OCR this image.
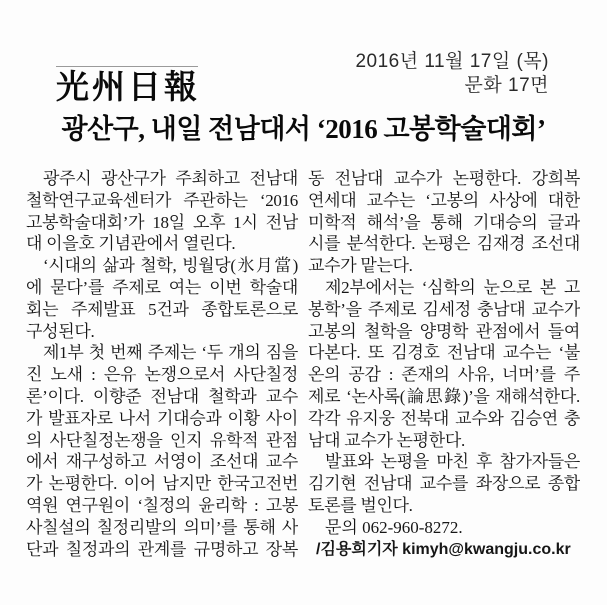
光州日報
2016년 11월 17일 (목)
문화 17면
광산구, 내일 전남대서 ‘2016 고봉학술대회’
광주시 광산구가 주최하고 전남대
철학연구교육센터가 주관하는 ‘2016
고봉학술대회’가 18일 오후 1시 전남
대 이을호 기념관에서 열린다.
‘시대의 삶과 철학, 빙월당(氷月當)
에 묻다’를 주제로 여는 이번 학술대
회는 주제발표 5건과 종합토론으로
구성된다.
제1부 첫 번째 주제는 ‘두 개의 짐을
진 노새 : 은유 논쟁으로서 사단칠정
론’이다. 이향준 전남대 철학과 교수
가 발표자로 나서 기대승과 이황 사이
의 사단칠정논쟁을 인지 유학적 관점
에서 재구성하고 서영이 조선대 교수
가 논평한다. 이어 남지만 한국고전번
역원 연구원이 ‘칠정의 윤리학 : 고봉
사칠설의 칠정리발의 의미’를 통해 사
단과 칠정과의 관계를 규명하고 장복
동 전남대 교수가 논평한다. 강희복
연세대 교수는 ‘고봉의 사상에 대한
미학적 해석’을 통해 기대승의 글과
시를 분석한다. 논평은 김재경 조선대
교수가 맡는다.
제2부에서는 ‘심학의 눈으로 본 고
봉학’을 주제로 김세정 충남대 교수가
고봉의 철학을 양명학 관점에서 들여
다본다. 또 김경호 전남대 교수는 ‘불
온의 공감 : 존재의 사유, 너머’를 주
제로 ‘논사록(論思錄)’을 재해석한다.
각각 유지웅 전북대 교수와 김승연 충
남대 교수가 논평한다.
발표와 논평을 마친 후 참가자들은
김기현 전남대 교수를 좌장으로 종합
토론를 벌인다.
문의 062-960-8272.
/김용희기자 kimyh@kwangju.co.kr
